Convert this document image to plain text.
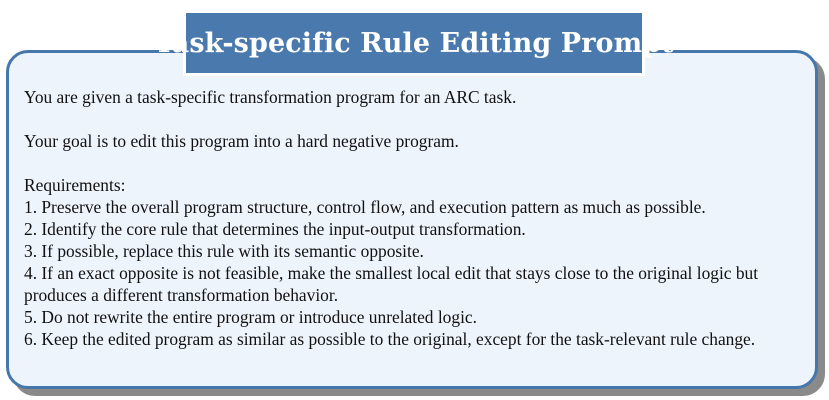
Task-specific Rule Editing Prompt

You are given a task-specific transformation program for an ARC task.

Your goal is to edit this program into a hard negative program.

Requirements:

1. Preserve the overall program structure, control flow, and execution pattern as much as possible.

2. Identify the core rule that determines the input-output transformation.

3. If possible, replace this rule with its semantic opposite.

4. If an exact opposite is not feasible, make the smallest local edit that stays close to the original logic but produces a different transformation behavior.

5. Do not rewrite the entire program or introduce unrelated logic.

6. Keep the edited program as similar as possible to the original, except for the task-relevant rule change.
